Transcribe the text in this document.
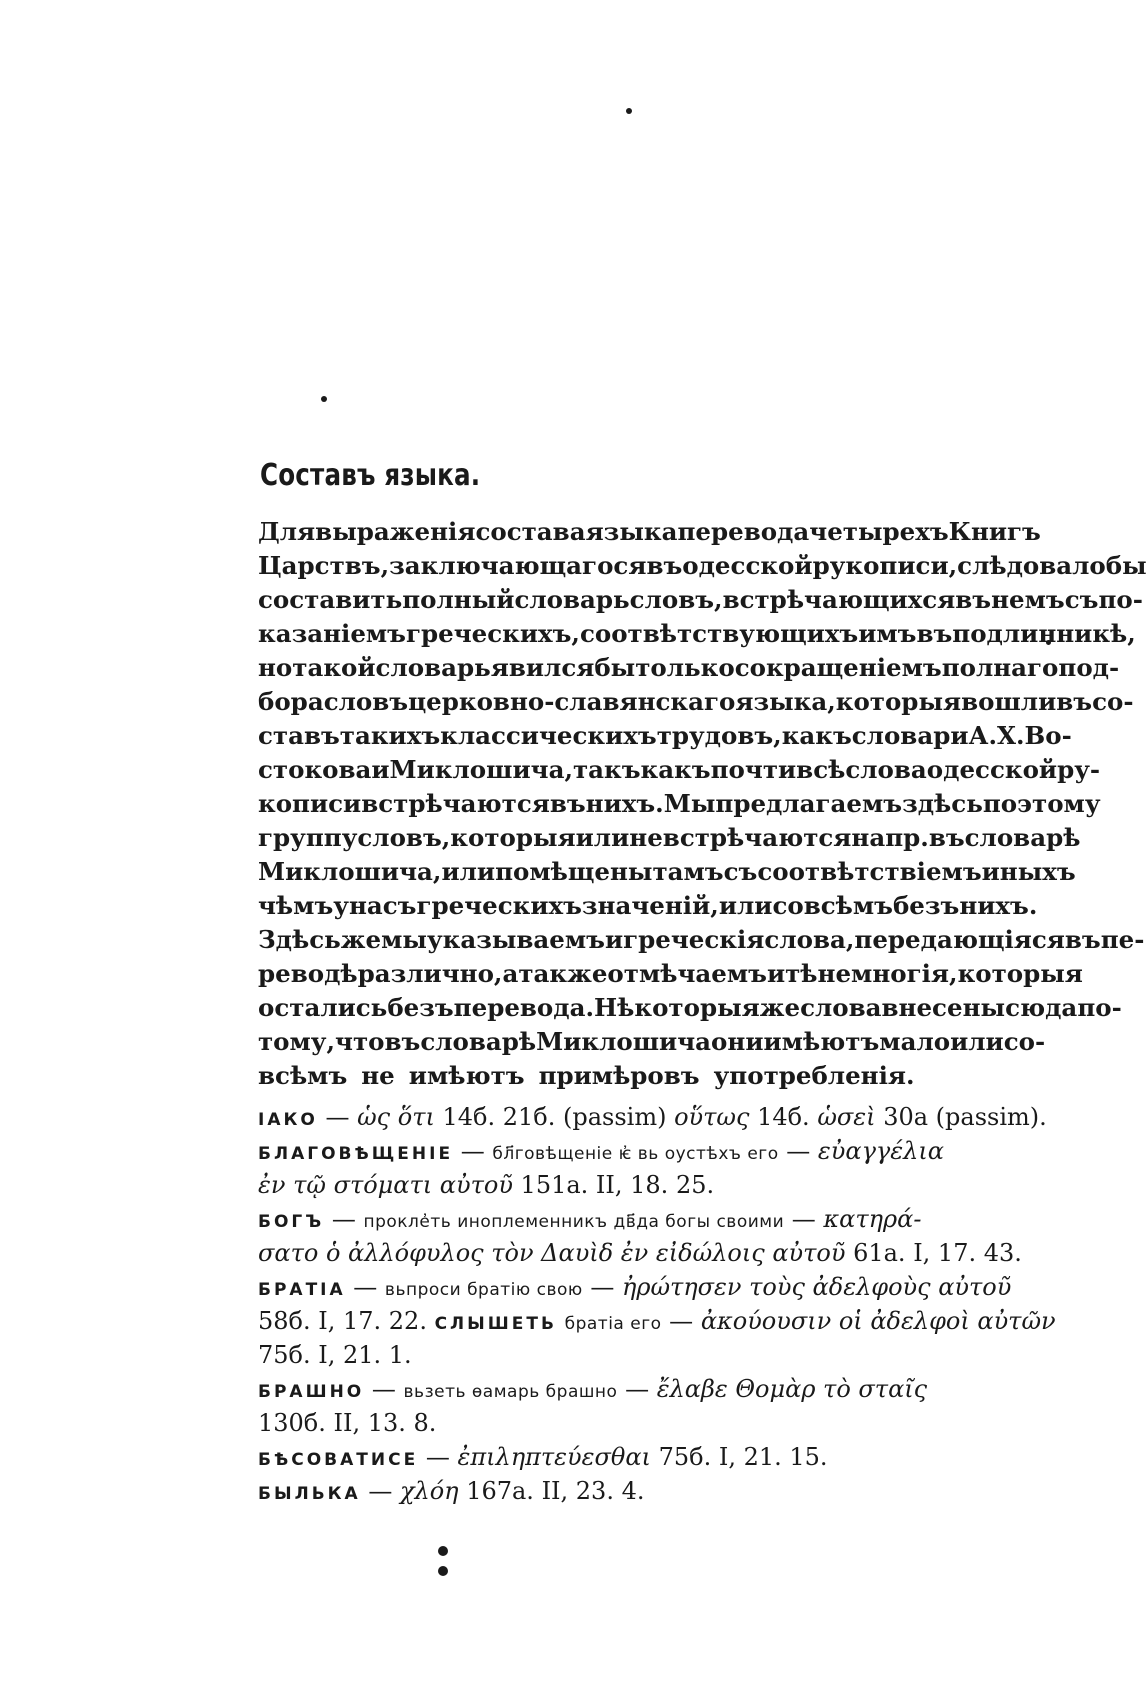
Составъ языка.
Для выраженія состава языка перевода четырехъ Книгъ
Царствъ, заключающагося въ одесской рукописи, слѣдовало бы
составить полный словарь словъ, встрѣчающихся въ немъ съ по-
казаніемъ греческихъ, соотвѣтствующихъ имъ въ подлинникѣ,
но такой словарь явился бы только сокращеніемъ полнаго под-
бора словъ церковно-славянскаго языка, которыя вошли въ со-
ставъ такихъ классическихъ трудовъ, какъ словари А. Х. Во-
стокова и Миклошича, такъ какъ почти всѣ слова одесской ру-
кописи встрѣчаются въ нихъ. Мы предлагаемъ здѣсь поэтому
группу словъ, которыя или не встрѣчаются напр. въ словарѣ
Миклошича, или помѣщены тамъ съ соотвѣтствіемъ иныхъ
чѣмъ у насъ греческихъ значеній, или совсѣмъ безъ нихъ.
Здѣсь же мы указываемъ и греческія слова, передающіяся въ пе-
реводѣ различно, а также отмѣчаемъ и тѣ немногія, которыя
остались безъ перевода. Нѣкоторыя же слова внесены сюда по-
тому, что въ словарѣ Миклошича они имѣютъ мало или со-
всѣмъ не имѣютъ примѣровъ употребленія.
IАКО — ὡς ὅτι 14б. 21б. (passim) οὕτως 14б. ὡσεὶ 30а (passim).
БЛАГОВѢЩЕНІЕ — бл҃говѣщеніе ѥ҆ вь оустѣхъ его — εὐαγγέλια
ἐν τῷ στόματι αὐτοῦ 151а. II, 18. 25.
БОГЪ — прокле҆ть иноплеменникъ дв҃да богы своими — κατηρά-
σατο ὁ ἀλλόφυλος τὸν Δαυὶδ ἐν εἰδώλοις αὐτοῦ 61а. I, 17. 43.
БРАТІА — вьпроси братію свою — ἠρώτησεν τοὺς ἀδελφοὺς αὐτοῦ
58б. I, 17. 22. СЛЫШЕТЬ братіа его — ἀκούουσιν οἱ ἀδελφοὶ αὐτῶν
75б. I, 21. 1.
БРАШНО — вьзеть ѳамарь брашно — ἔλαβε Θομὰρ τὸ σταῖς
130б. II, 13. 8.
БѢСОВАТИСЕ — ἐπιληπτεύεσθαι 75б. I, 21. 15.
БЫЛЬКА — χλόη 167а. II, 23. 4.
